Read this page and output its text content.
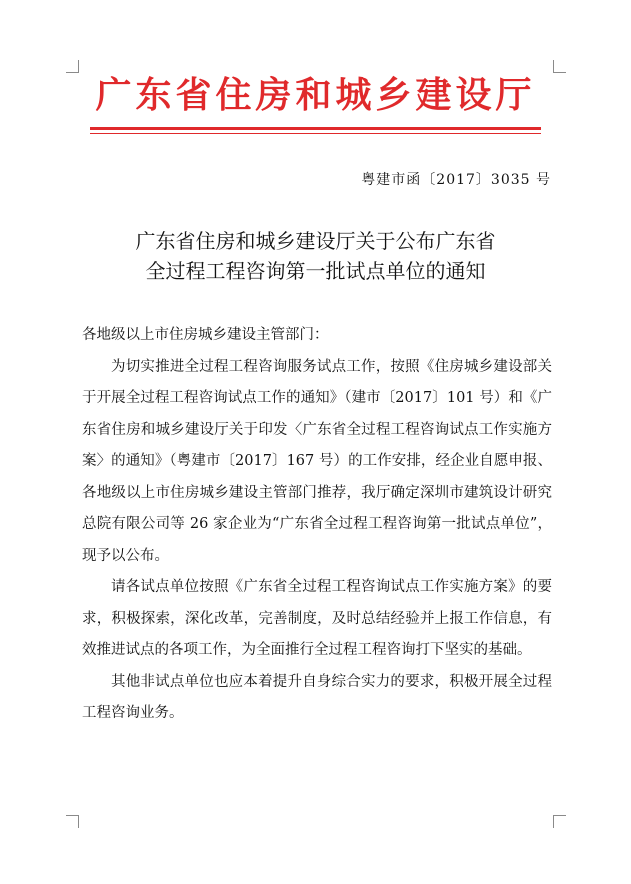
广东省住房和城乡建设厅
粤建市函〔2017〕3035 号
广东省住房和城乡建设厅关于公布广东省
全过程工程咨询第一批试点单位的通知

各地级以上市住房城乡建设主管部门：

为切实推进全过程工程咨询服务试点工作，按照《住房城乡建设部关于开展全过程工程咨询试点工作的通知》（建市〔2017〕101 号）和《广东省住房和城乡建设厅关于印发〈广东省全过程工程咨询试点工作实施方案〉的通知》（粤建市〔2017〕167 号）的工作安排，经企业自愿申报、各地级以上市住房城乡建设主管部门推荐，我厅确定深圳市建筑设计研究总院有限公司等 26 家企业为“广东省全过程工程咨询第一批试点单位”，现予以公布。

请各试点单位按照《广东省全过程工程咨询试点工作实施方案》的要求，积极探索，深化改革，完善制度，及时总结经验并上报工作信息，有效推进试点的各项工作，为全面推行全过程工程咨询打下坚实的基础。

其他非试点单位也应本着提升自身综合实力的要求，积极开展全过程工程咨询业务。
